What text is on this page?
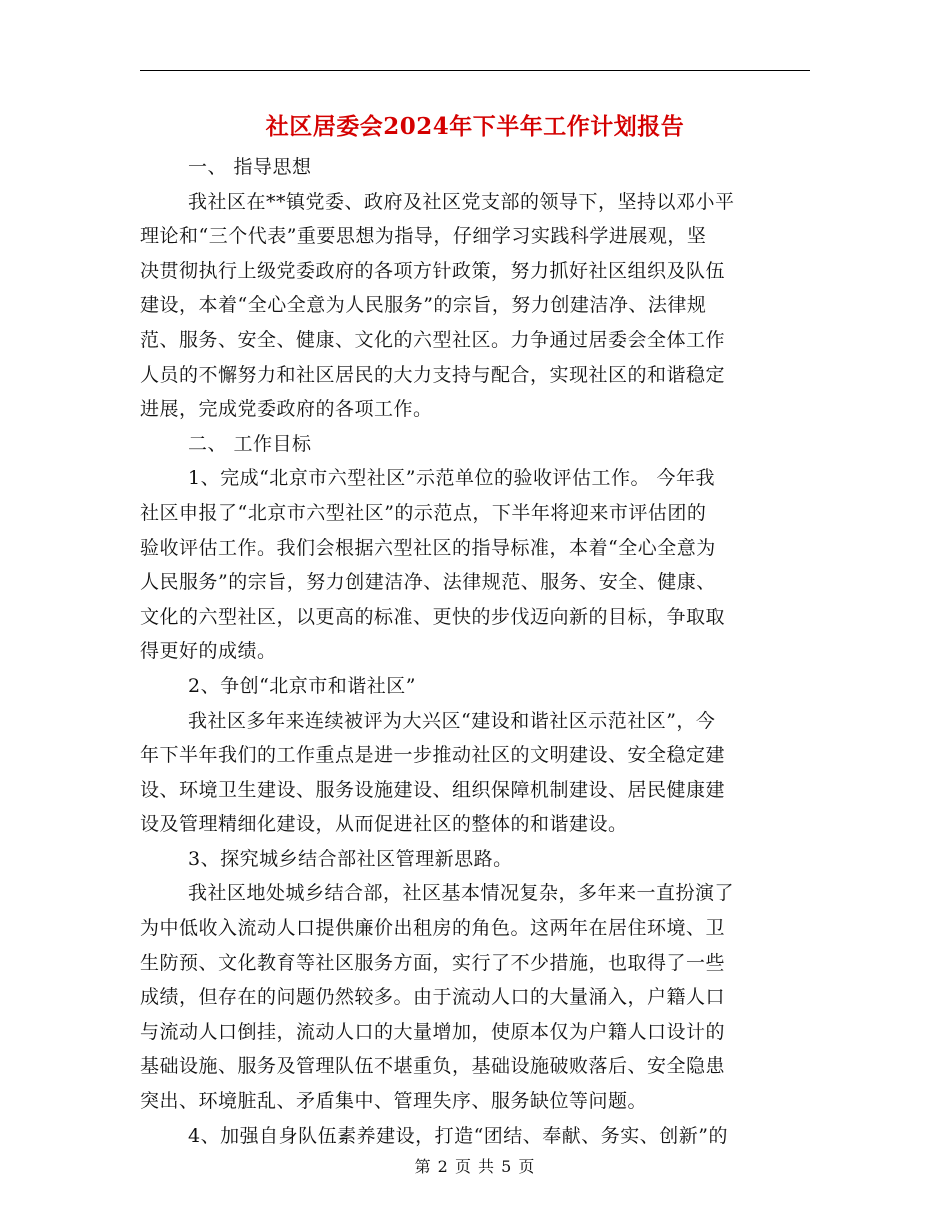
社区居委会2024年下半年工作计划报告
一、 指导思想
我社区在**镇党委、政府及社区党支部的领导下，坚持以邓小平
理论和“三个代表”重要思想为指导，仔细学习实践科学进展观，坚
决贯彻执行上级党委政府的各项方针政策，努力抓好社区组织及队伍
建设，本着“全心全意为人民服务”的宗旨，努力创建洁净、法律规
范、服务、安全、健康、文化的六型社区。力争通过居委会全体工作
人员的不懈努力和社区居民的大力支持与配合，实现社区的和谐稳定
进展，完成党委政府的各项工作。
二、 工作目标
1、完成“北京市六型社区”示范单位的验收评估工作。 今年我
社区申报了“北京市六型社区”的示范点，下半年将迎来市评估团的
验收评估工作。我们会根据六型社区的指导标准，本着“全心全意为
人民服务”的宗旨，努力创建洁净、法律规范、服务、安全、健康、
文化的六型社区，以更高的标准、更快的步伐迈向新的目标，争取取
得更好的成绩。
2、争创“北京市和谐社区”
我社区多年来连续被评为大兴区“建设和谐社区示范社区”，今
年下半年我们的工作重点是进一步推动社区的文明建设、安全稳定建
设、环境卫生建设、服务设施建设、组织保障机制建设、居民健康建
设及管理精细化建设，从而促进社区的整体的和谐建设。
3、探究城乡结合部社区管理新思路。
我社区地处城乡结合部，社区基本情况复杂，多年来一直扮演了
为中低收入流动人口提供廉价出租房的角色。这两年在居住环境、卫
生防预、文化教育等社区服务方面，实行了不少措施，也取得了一些
成绩，但存在的问题仍然较多。由于流动人口的大量涌入，户籍人口
与流动人口倒挂，流动人口的大量增加，使原本仅为户籍人口设计的
基础设施、服务及管理队伍不堪重负，基础设施破败落后、安全隐患
突出、环境脏乱、矛盾集中、管理失序、服务缺位等问题。
4、加强自身队伍素养建设，打造“团结、奉献、务实、创新”的
第 2 页 共 5 页
